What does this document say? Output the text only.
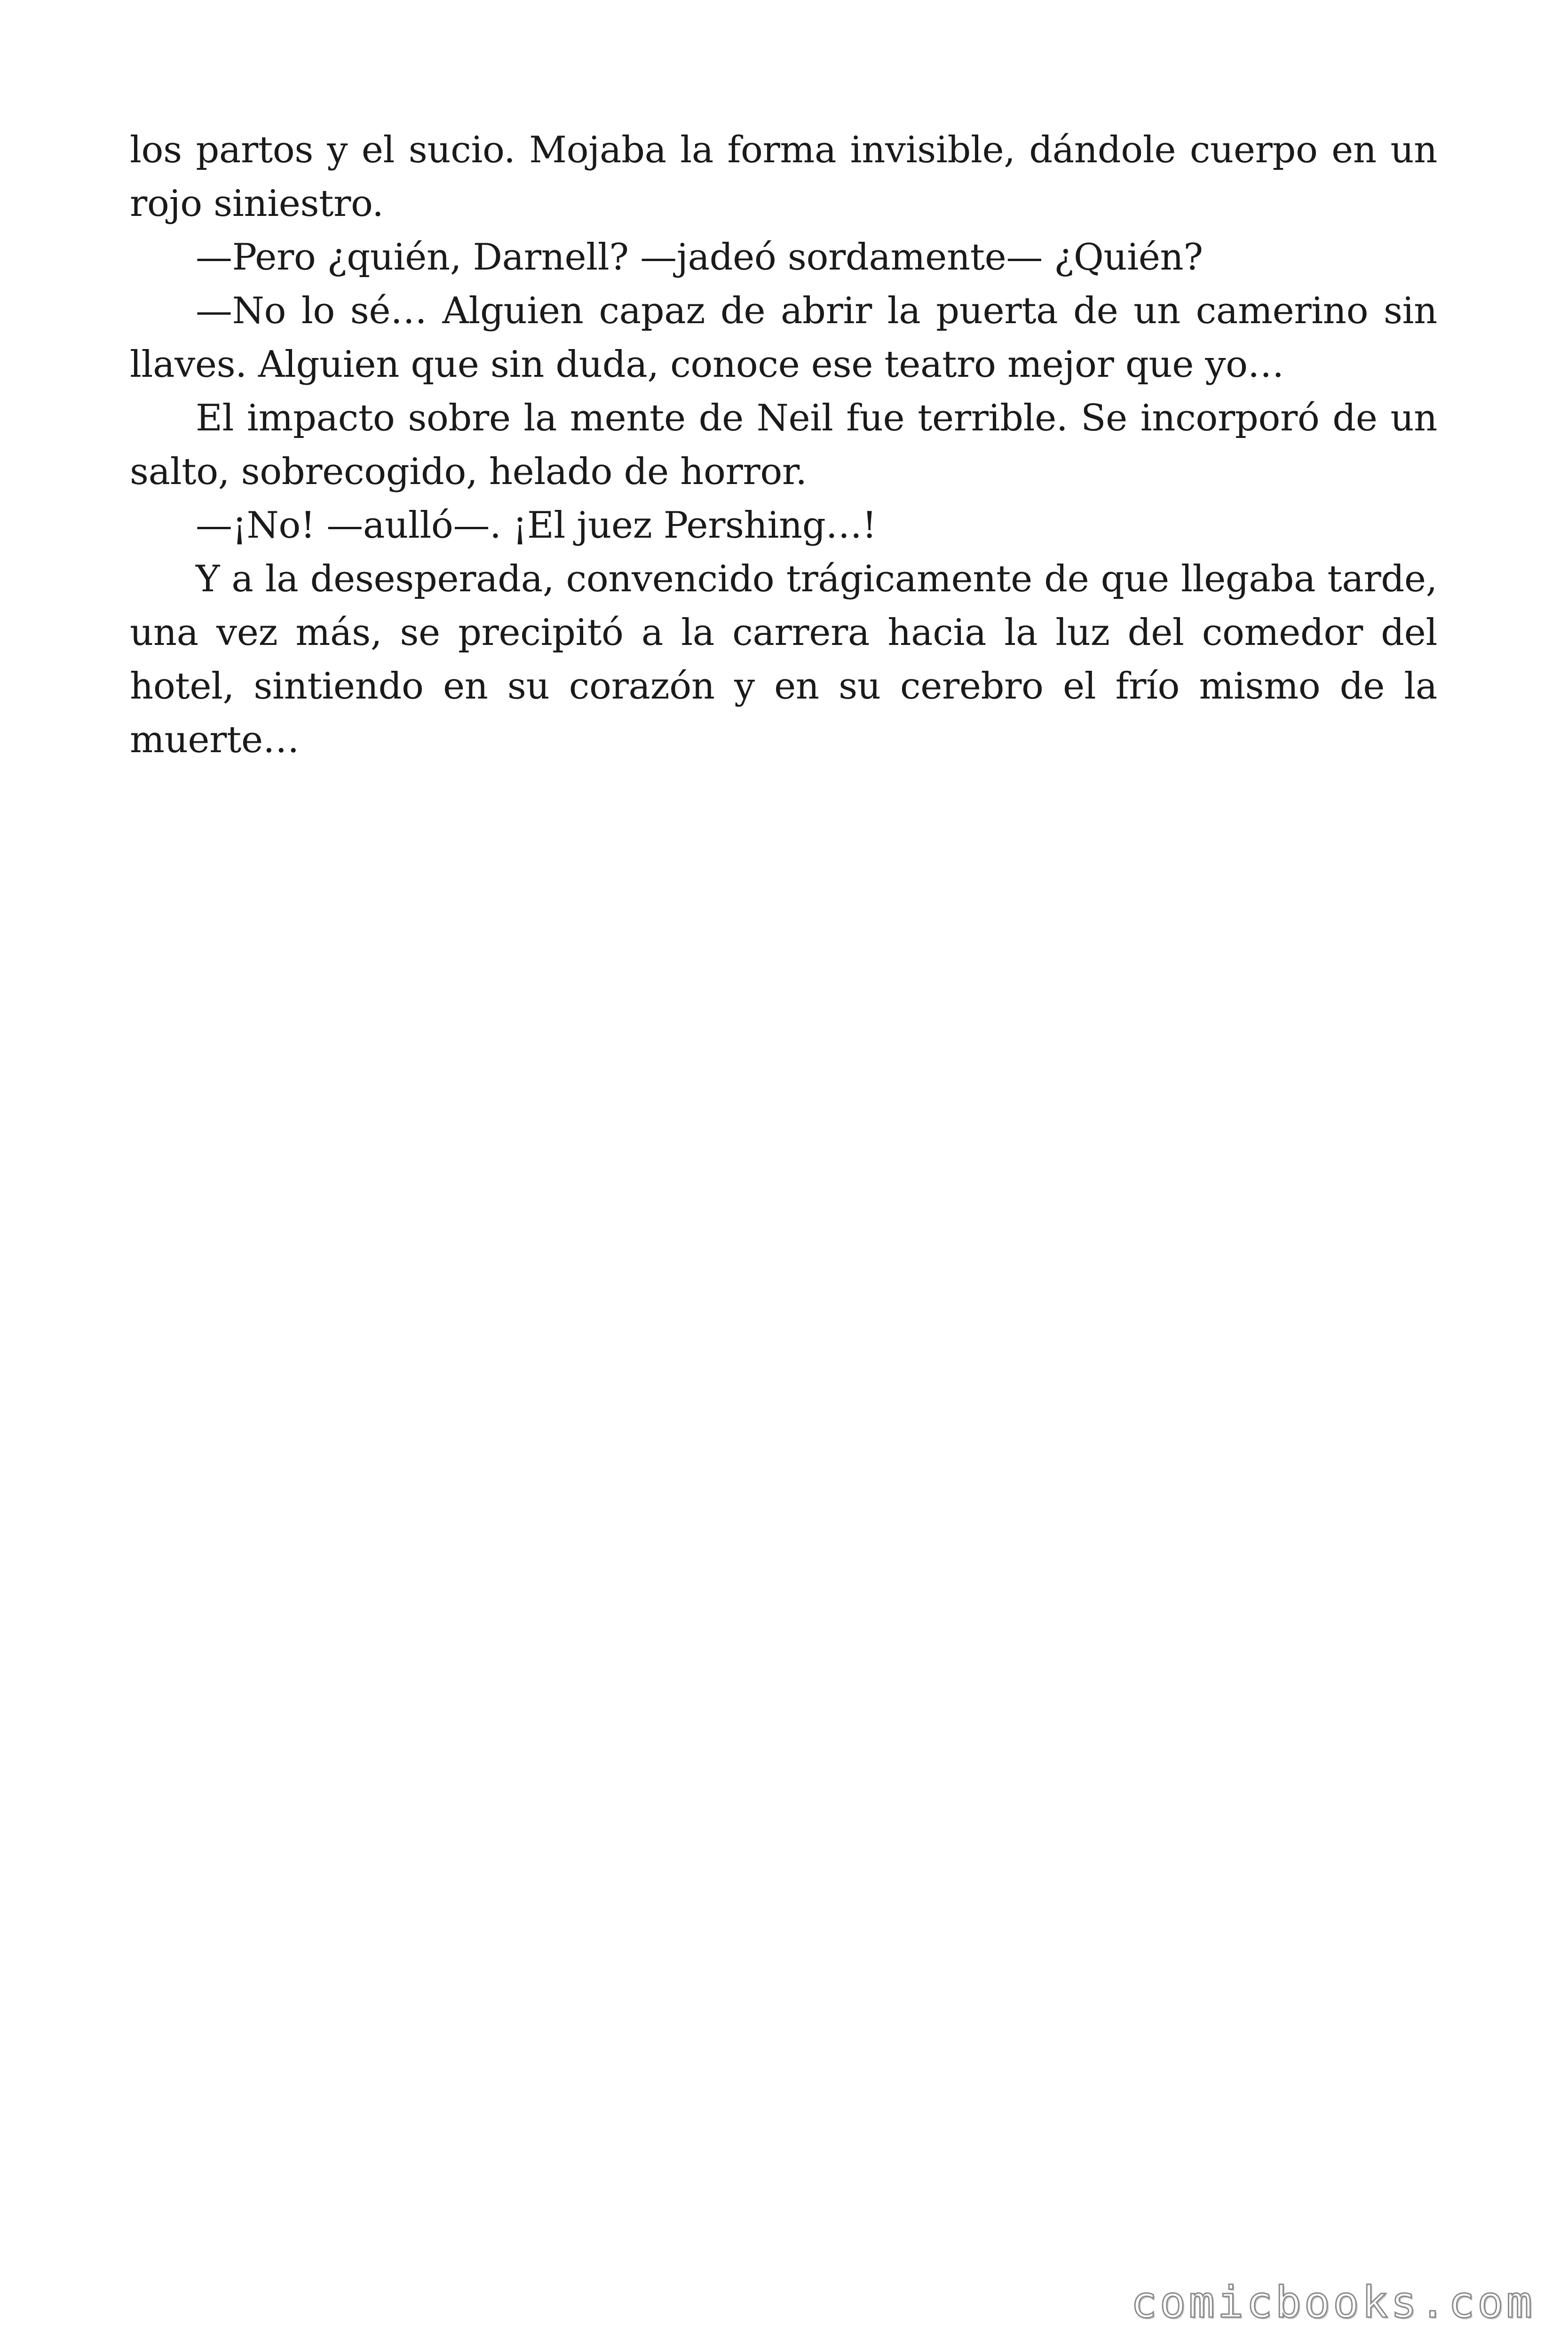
los partos y el sucio. Mojaba la forma invisible, dándole cuerpo en un rojo siniestro.

—Pero ¿quién, Darnell? —jadeó sordamente— ¿Quién?

—No lo sé… Alguien capaz de abrir la puerta de un camerino sin llaves. Alguien que sin duda, conoce ese teatro mejor que yo…

El impacto sobre la mente de Neil fue terrible. Se incorporó de un salto, sobrecogido, helado de horror.

—¡No! —aulló—. ¡El juez Pershing…!

Y a la desesperada, convencido trágicamente de que llegaba tarde, una vez más, se precipitó a la carrera hacia la luz del comedor del hotel, sintiendo en su corazón y en su cerebro el frío mismo de la muerte…

comicbooks.com
